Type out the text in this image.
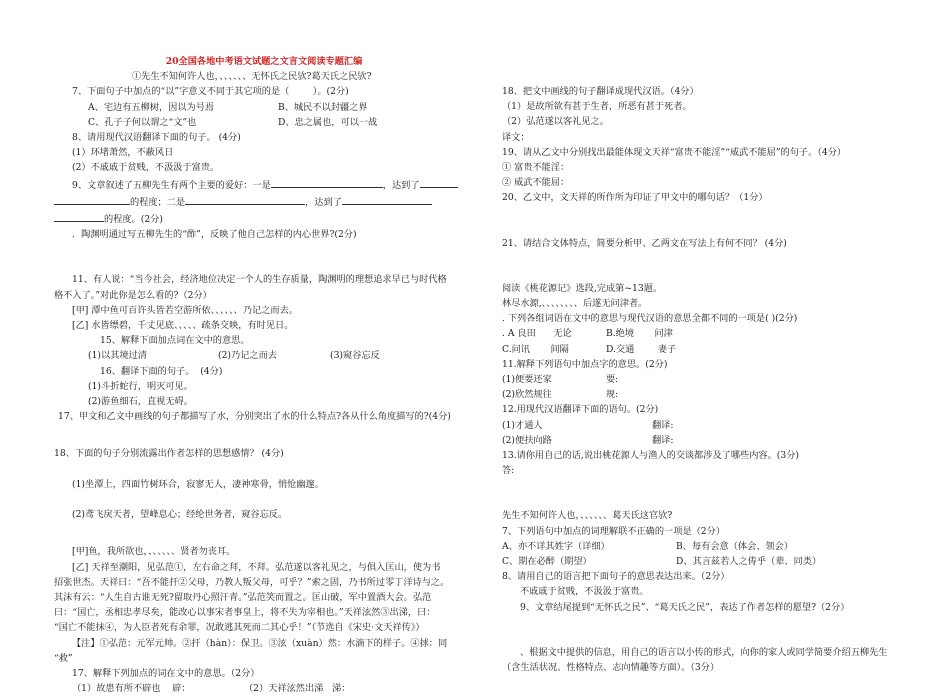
20全国各地中考语文试题之文言文阅读专题汇编
①先生不知何许人也，、、、、、、无怀氏之民欤?葛天氏之民欤?
7、下面句子中加点的“以”字意义不同于其它项的是（        ）。(2分)
A、宅边有五柳树，因以为号焉	B、城民不以封疆之界
C、孔子子何以谓之“文”也	D、忠之属也，可以一战
8、请用现代汉语翻译下面的句子。 (4分)
(1）环堵萧然，不蔽风日
(2）不戚戚于贫贱，不汲汲于富贵。
9、文章叙述了五柳先生有两个主要的爱好：一是	，达到了
的程度；二是	，达到了
的程度。(2分)
．陶渊明通过写五柳先生的“酢”，反映了他自己怎样的内心世界?(2分)
11、有人说：“当今社会，经济地位决定一个人的生存质量，陶渊明的理想追求早已与时代格
格不入了。”对此你是怎么看的?（2分）
[甲] 潭中鱼可百许头皆若空游所依、、、、、、乃记之而去。
[乙] 水皆缥碧，千丈见底、、、、、疏条交映，有时见日。
15、解释下面加点词在文中的意思。
(1)以其境过清	(2)乃记之而去	(3)窥谷忘反
16、翻译下面的句子。  (4分)
(1)斗折蛇行，明灭可见。
(2)游鱼细石，直视无碍。
17、甲文和乙文中画线的句子都描写了水，分别突出了水的什么特点?各从什么角度描写的?(4分)
18、下面的句子分别流露出作者怎样的思想感情？ (4分)
(1)坐潭上，四面竹树环合，寂寥无人，凄神寒骨，悄怆幽邃。
(2)鸢飞戾天者，望峰息心；经纶世务者，窥谷忘反。
[甲]鱼，我所欲也，、、、、、、贤者勿丧耳。
[乙] 天祥至潮阳，见弘范①，左右命之拜，不拜。弘范遂以客礼见之，与俱入匡山，使为书
招张世杰。天祥曰：“吾不能扞②父母，乃教人叛父母，可乎？”索之固，乃书所过零丁洋诗与之。
其沫有云：“人生自古谁无死?留取丹心照汗青。”弘范笑而置之。匡山破，军中置酒大会。弘范
曰：“国亡，丞相忠孝尽矣，能改心以事宋者事皇上，将不失为宰相也。”天祥泫然③出涕，曰：
“国亡不能抹④，为人臣者死有余罪，况敢逃其死而二其心乎！”（节选自《宋史·文天祥传》）
【注】①弘范：元军元帅。②扞（hàn）：保卫。③泫（xuàn）然：水滴下的样子。④捄：同
“救”
17、解释下列加点的词在文中的意思。（2分）
（1）故患有所不辟也    辟：	（2）天祥泫然出涕   涕：
18、把文中画线的句子翻译成现代汉语。（4分）
（1）是故所欲有甚于生者，所恶有甚于死者。
（2）弘范遂以客礼见之。
译文：
19、请从乙文中分别找出最能体现文天祥“富贵不能淫”“威武不能屈”的句子。（4分）
① 富贵不能淫：
② 威武不能屈：
20、乙文中，文天祥的所作所为印证了甲文中的哪句话？（1分）
21、请结合文体特点，简要分析甲、乙两文在写法上有何不同？ (4分)
阅读《桃花源记》选段,完成第~13题。
林尽水源,、、、、、、、、后遂无问津者。
. 下列各组词语在文中的意思与现代汉语的意思全都不同的一项是( )(2分)
. A 良田      无论	B.绝境       问津
C.问讯       间隔	D.交通        妻子
11.解释下列语句中加点字的意思。(2分)
(1)便要还家	要:
(2)欣然规往	规:
12.用现代汉语翻译下面的语句。(2分)
(1)才通人	翻译:
(2)便扶向路	翻译:
13.请你用自己的话,说出桃花源人与渔人的交谈都涉及了哪些内容。(3分)
答:
先生不知何许人也，、、、、、、葛天氏这官欤?
7、下列语句中加点的词理解联不正确的一项是（2分）
A、亦不详其姓字（详细）	B、每有会意（体会、领会）
C、期在必醉（期望）	D、其言兹若人之俦乎（辈、同类）
8、请用自己的语言把下面句子的意思表达出来。（2分）
不戚戚于贫贱，不汲汲于富贵。
9、文章结尾提到“无怀氏之民”、“葛天氏之民”，表达了作者怎样的愿望?（2分）
、根据文中提供的信息，用自己的语言以小传的形式，向你的家人或同学简要介绍五柳先生
（含生活状况、性格特点、志向情趣等方面）。（3分）
